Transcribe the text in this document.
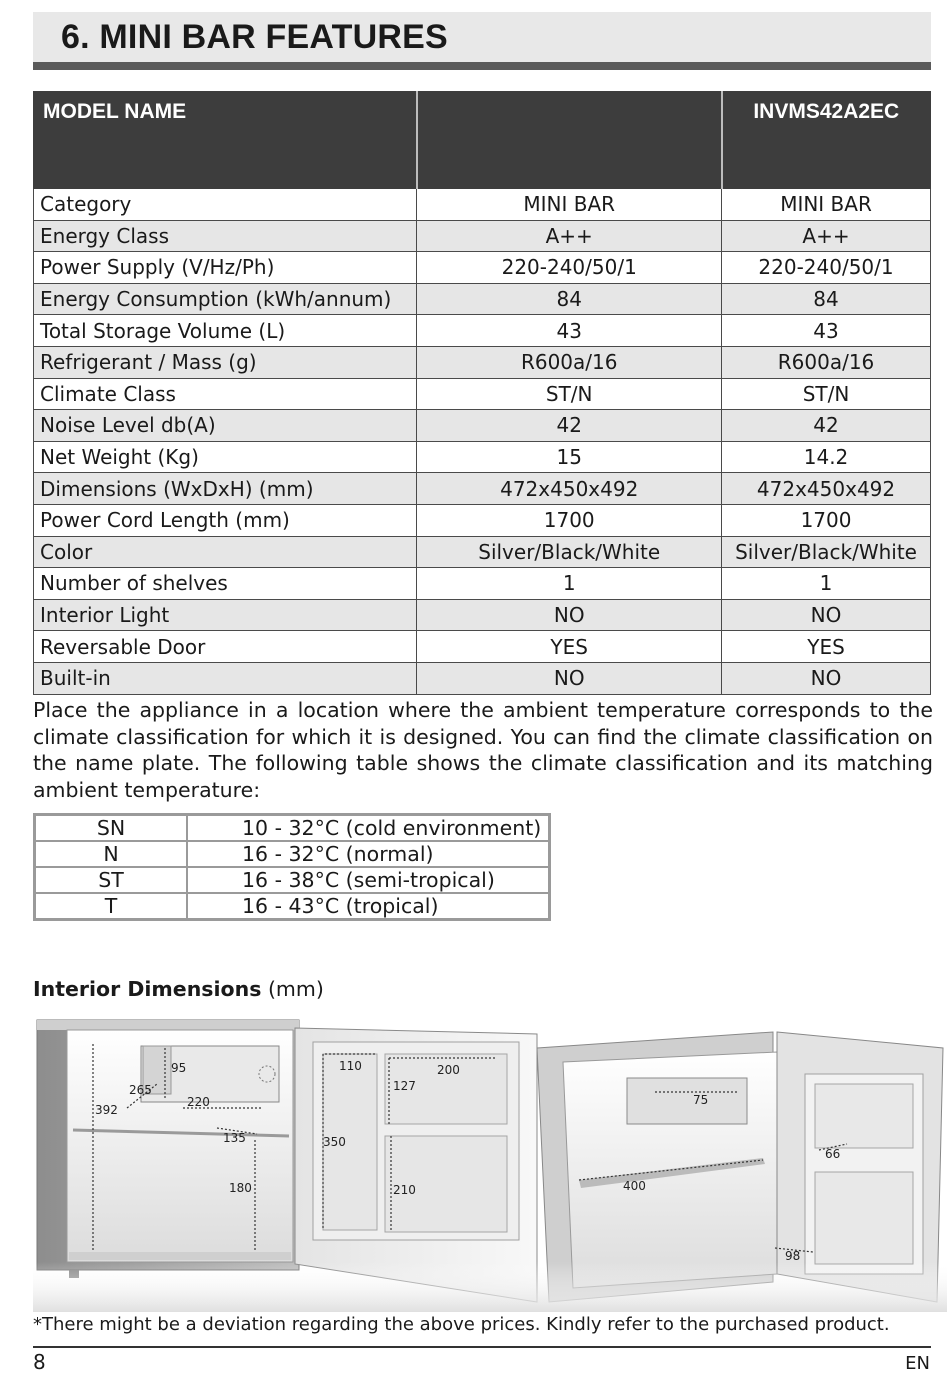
6. MINI BAR FEATURES
MODEL NAME		INVMS42A2EC
Category	MINI BAR	MINI BAR
Energy Class	A++	A++
Power Supply (V/Hz/Ph)	220-240/50/1	220-240/50/1
Energy Consumption (kWh/annum)	84	84
Total Storage Volume (L)	43	43
Refrigerant / Mass (g)	R600a/16	R600a/16
Climate Class	ST/N	ST/N
Noise Level db(A)	42	42
Net Weight (Kg)	15	14.2
Dimensions (WxDxH) (mm)	472x450x492	472x450x492
Power Cord Length (mm)	1700	1700
Color	Silver/Black/White	Silver/Black/White
Number of shelves	1	1
Interior Light	NO	NO
Reversable Door	YES	YES
Built-in	NO	NO

Place the appliance in a location where the ambient temperature corresponds to the climate classification for which it is designed. You can find the climate classification on the name plate. The following table shows the climate classification and its matching ambient temperature:

SN	10 - 32°C (cold environment)
N	16 - 32°C (normal)
ST	16 - 38°C (semi-tropical)
T	16 - 43°C (tropical)

Interior Dimensions (mm)

392
265
95
220
135
180
110	200
127
350
210
75
400
66
98

*There might be a deviation regarding the above prices. Kindly refer to the purchased product.

8	EN
